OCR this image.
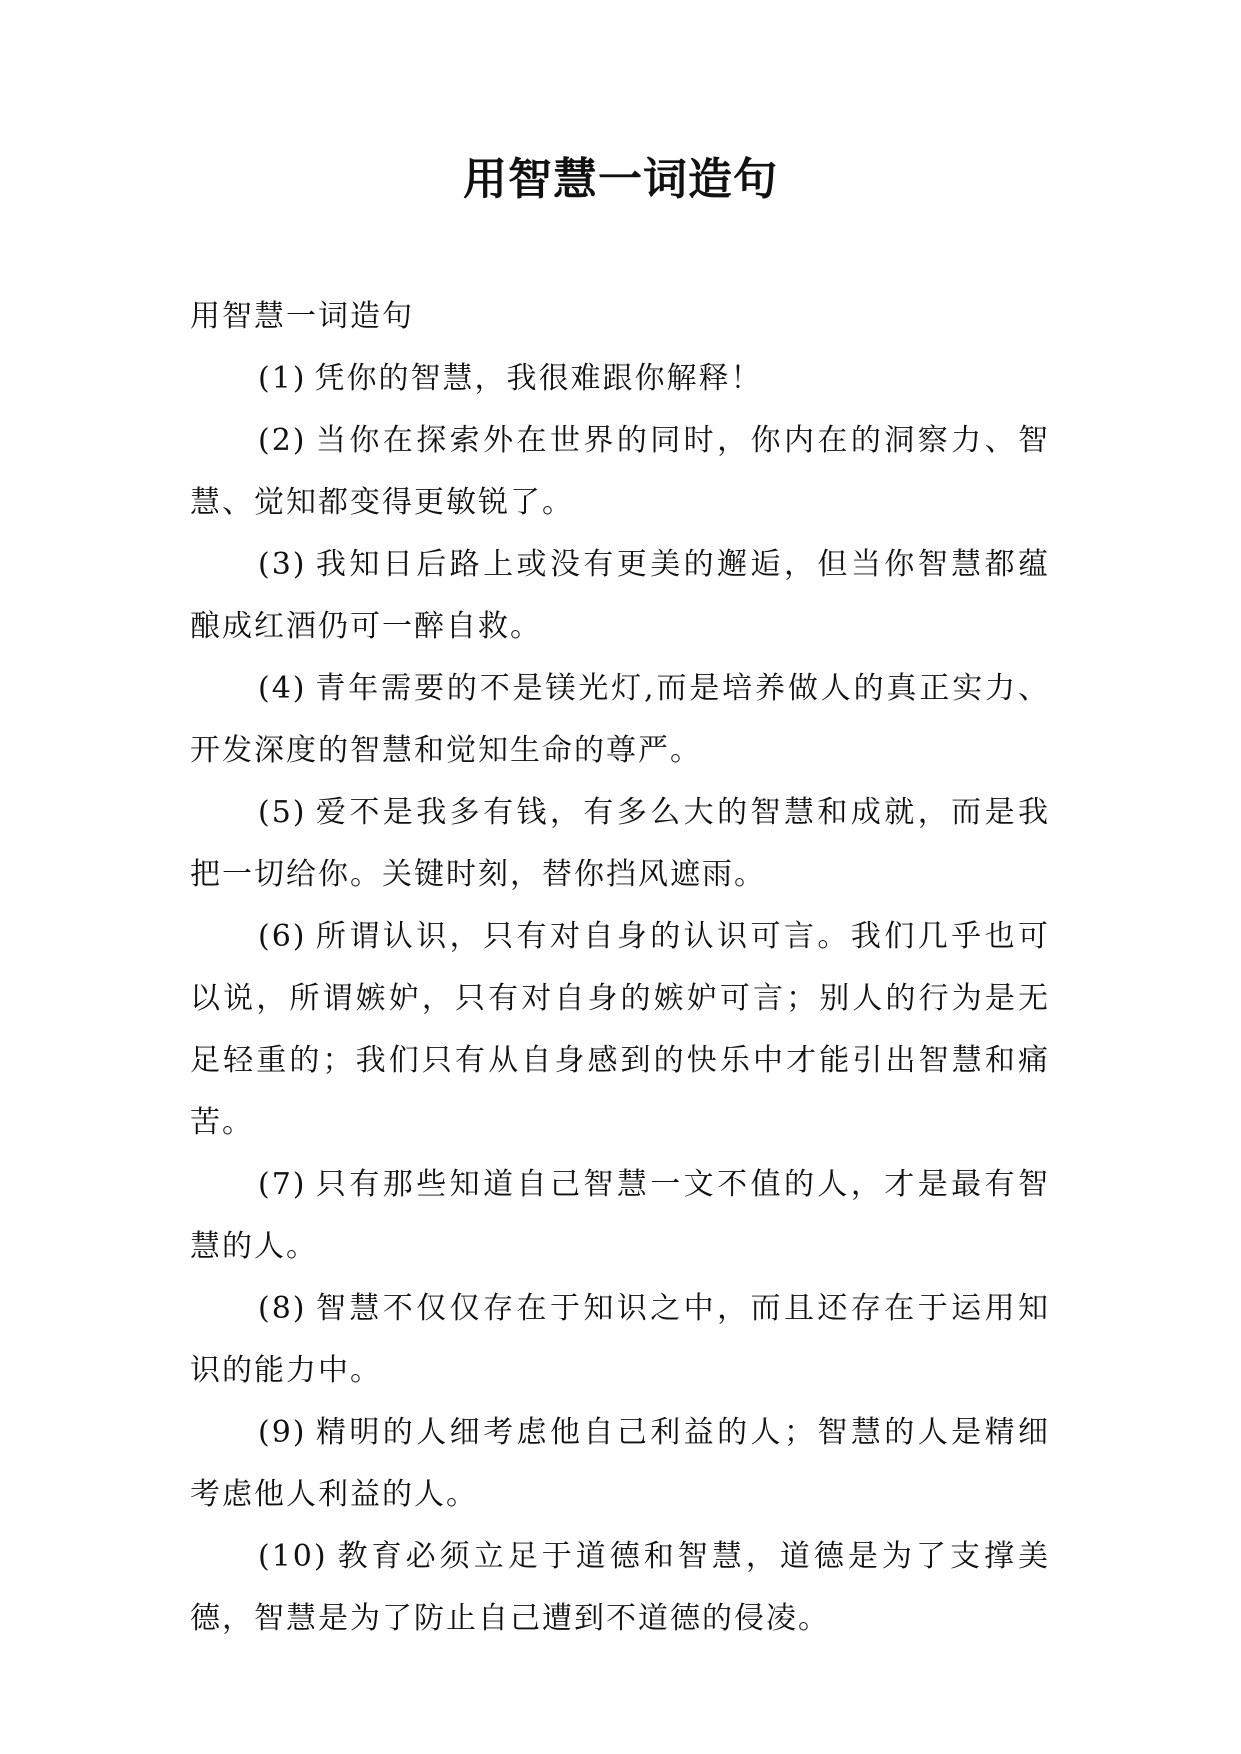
用智慧一词造句

用智慧一词造句

(1) 凭你的智慧，我很难跟你解释！

(2) 当你在探索外在世界的同时，你内在的洞察力、智慧、觉知都变得更敏锐了。

(3) 我知日后路上或没有更美的邂逅，但当你智慧都蕴酿成红酒仍可一醉自救。

(4) 青年需要的不是镁光灯,而是培养做人的真正实力、开发深度的智慧和觉知生命的尊严。

(5) 爱不是我多有钱，有多么大的智慧和成就，而是我把一切给你。关键时刻，替你挡风遮雨。

(6) 所谓认识，只有对自身的认识可言。我们几乎也可以说，所谓嫉妒，只有对自身的嫉妒可言；别人的行为是无足轻重的；我们只有从自身感到的快乐中才能引出智慧和痛苦。

(7) 只有那些知道自己智慧一文不值的人，才是最有智慧的人。

(8) 智慧不仅仅存在于知识之中，而且还存在于运用知识的能力中。

(9) 精明的人细考虑他自己利益的人；智慧的人是精细考虑他人利益的人。

(10) 教育必须立足于道德和智慧，道德是为了支撑美德，智慧是为了防止自己遭到不道德的侵凌。
